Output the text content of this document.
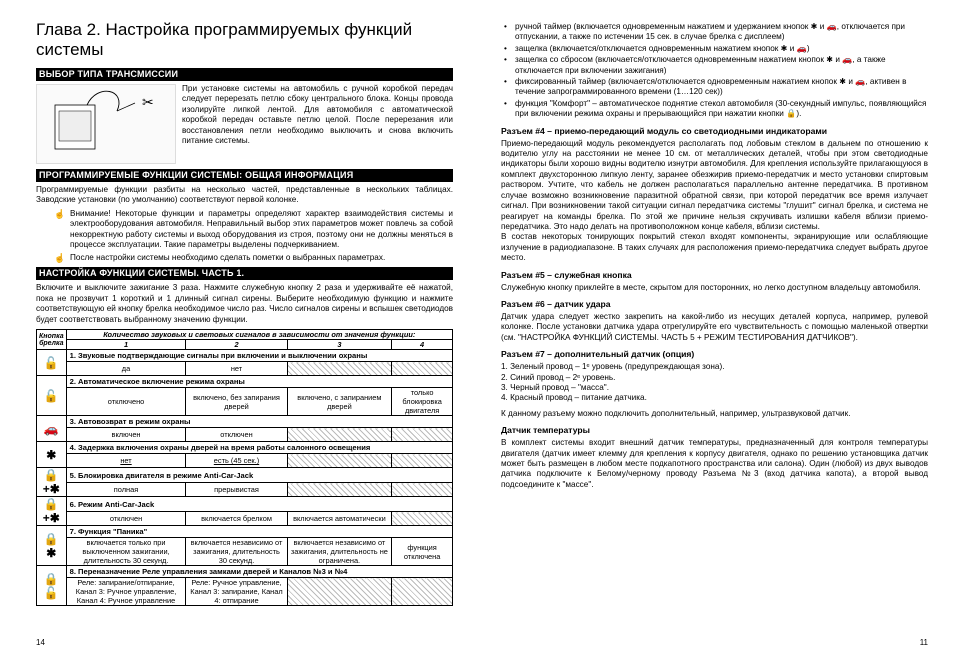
Глава 2. Настройка программируемых функций системы
ВЫБОР ТИПА ТРАНСМИССИИ
✂

При установке системы на автомобиль с ручной коробкой передач следует перерезать петлю сбоку центрального блока. Концы провода изолируйте липкой лентой. Для автомобиля с автоматической коробкой передач оставьте петлю целой. После перерезания или восстановления петли необходимо выключить и снова включить питание системы.

ПРОГРАММИРУЕМЫЕ ФУНКЦИИ СИСТЕМЫ: ОБЩАЯ ИНФОРМАЦИЯ

Программируемые функции разбиты на несколько частей, представленные в нескольких таблицах. Заводские установки (по умолчанию) соответствуют первой колонке.

☝ Внимание! Некоторые функции и параметры определяют характер взаимодействия системы и электрооборудования автомобиля. Неправильный выбор этих параметров может повлечь за собой некорректную работу системы и выход оборудования из строя, поэтому они не должны меняться в процессе эксплуатации. Такие параметры выделены подчеркиванием.

☝ После настройки системы необходимо сделать пометки о выбранных параметрах.

НАСТРОЙКА ФУНКЦИИ СИСТЕМЫ. ЧАСТЬ 1.

Включите и выключите зажигание 3 раза. Нажмите служебную кнопку 2 раза и удерживайте её нажатой, пока не прозвучит 1 короткий и 1 длинный сигнал сирены. Выберите необходимую функцию и нажмите соответствующую ей кнопку брелка необходимое число раз. Число сигналов сирены и вспышек светодиодов будет соответствовать выбранному значению функции.

Кнопка брелка	Количество звуковых и световых сигналов в зависимости от значения функции:			
	1	2	3	4
🔓	1. Звуковые подтверждающие сигналы при включении и выключении охраны			
	да	нет		
🔓	2. Автоматическое включение режима охраны			
	отключено	включено, без запирания дверей	включено, с запиранием дверей	только блокировка двигателя
🚗	3. Автовозврат в режим охраны			
	включен	отключен		
✱	4. Задержка включения охраны дверей на время работы салонного освещения			
	нет	есть (45 сек.)		
🔒+✱	5. Блокировка двигателя в режиме Anti-Car-Jack			
	полная	прерывистая		
🔒+✱	6. Режим Anti-Car-Jack			
	отключен	включается брелком	включается автоматически	
🔒 ✱	7. Функция "Паника"			
	включается только при выключенном зажигании, длительность 30 секунд.	включается независимо от зажигания, длительность 30 секунд.	включается независимо от зажигания, длительность не ограничена.	функция отключена
🔒🔓	8. Переназначение Реле управления замками дверей и Каналов №3 и №4			
	Реле: запирание/отпирание, Канал 3: Ручное управление, Канал 4: Ручное управление	Реле: Ручное управление, Канал 3: запирание, Канал 4: отпирание		
14
• ручной таймер (включается одновременным нажатием и удержанием кнопок ✱ и 🚗, отключается при отпускании, а также по истечении 15 сек. в случае брелка с дисплеем)
• защелка (включается/отключается одновременным нажатием кнопок ✱ и 🚗)
• защелка со сбросом (включается/отключается одновременным нажатием кнопок ✱ и 🚗, а также отключается при включении зажигания)
• фиксированный таймер (включается/отключается одновременным нажатием кнопок ✱ и 🚗, активен в течение запрограммированного времени (1…120 сек))
• функция "Комфорт" – автоматическое поднятие стекол автомобиля (30-секундный импульс, появляющийся при включении режима охраны и прерывающийся при нажатии кнопки 🔒).
Разъем #4 – приемо-передающий модуль со светодиодными индикаторами

Приемо-передающий модуль рекомендуется располагать под лобовым стеклом в дальнем по отношению к водителю углу на расстоянии не менее 10 см. от металлических деталей, чтобы при этом светодиодные индикаторы были хорошо видны водителю изнутри автомобиля. Для крепления используйте прилагающуюся в комплект двухсторонною липкую ленту, заранее обезжирив приемо-передатчик и место установки спиртовым раствором. Учтите, что кабель не должен располагаться параллельно антенне передатчика. В противном случае возможно возникновение паразитной обратной связи, при которой передатчик все время излучает сигнал. При возникновении такой ситуации сигнал передатчика системы "глушит" сигнал брелка, и система не реагирует на команды брелка. По этой же причине нельзя скручивать излишки кабеля вблизи приемо-передатчика. Это надо делать на противоположном конце кабеля, вблизи системы.

В состав некоторых тонирующих покрытий стекол входят компоненты, экранирующие или ослабляющие излучение в радиодиапазоне. В таких случаях для расположения приемо-передатчика следует выбрать другое место.

Разъем #5 – служебная кнопка

Служебную кнопку приклейте в месте, скрытом для посторонних, но легко доступном владельцу автомобиля.

Разъем #6 – датчик удара

Датчик удара следует жестко закрепить на какой-либо из несущих деталей корпуса, например, рулевой колонке. После установки датчика удара отрегулируйте его чувствительность с помощью маленькой отвертки (см. "НАСТРОЙКА ФУНКЦИЙ СИСТЕМЫ. ЧАСТЬ 5 + РЕЖИМ ТЕСТИРОВАНИЯ ДАТЧИКОВ").

Разъем #7 – дополнительный датчик (опция)

1. Зеленый провод – 1ᵉ уровень (предупреждающая зона).

2. Синий провод – 2ᵉ уровень.

3. Черный провод – "масса".

4. Красный провод – питание датчика.

К данному разъему можно подключить дополнительный, например, ультразвуковой датчик.

Датчик температуры

В комплект системы входит внешний датчик температуры, предназначенный для контроля температуры двигателя (датчик имеет клемму для крепления к корпусу двигателя, однако по решению установщика датчик может быть размещен в любом месте подкапотного пространства или салона). Один (любой) из двух выводов датчика подключите к Белому/черному проводу Разъема №3 (вход датчика капота), а второй вывод подсоедините к "массе".

11
